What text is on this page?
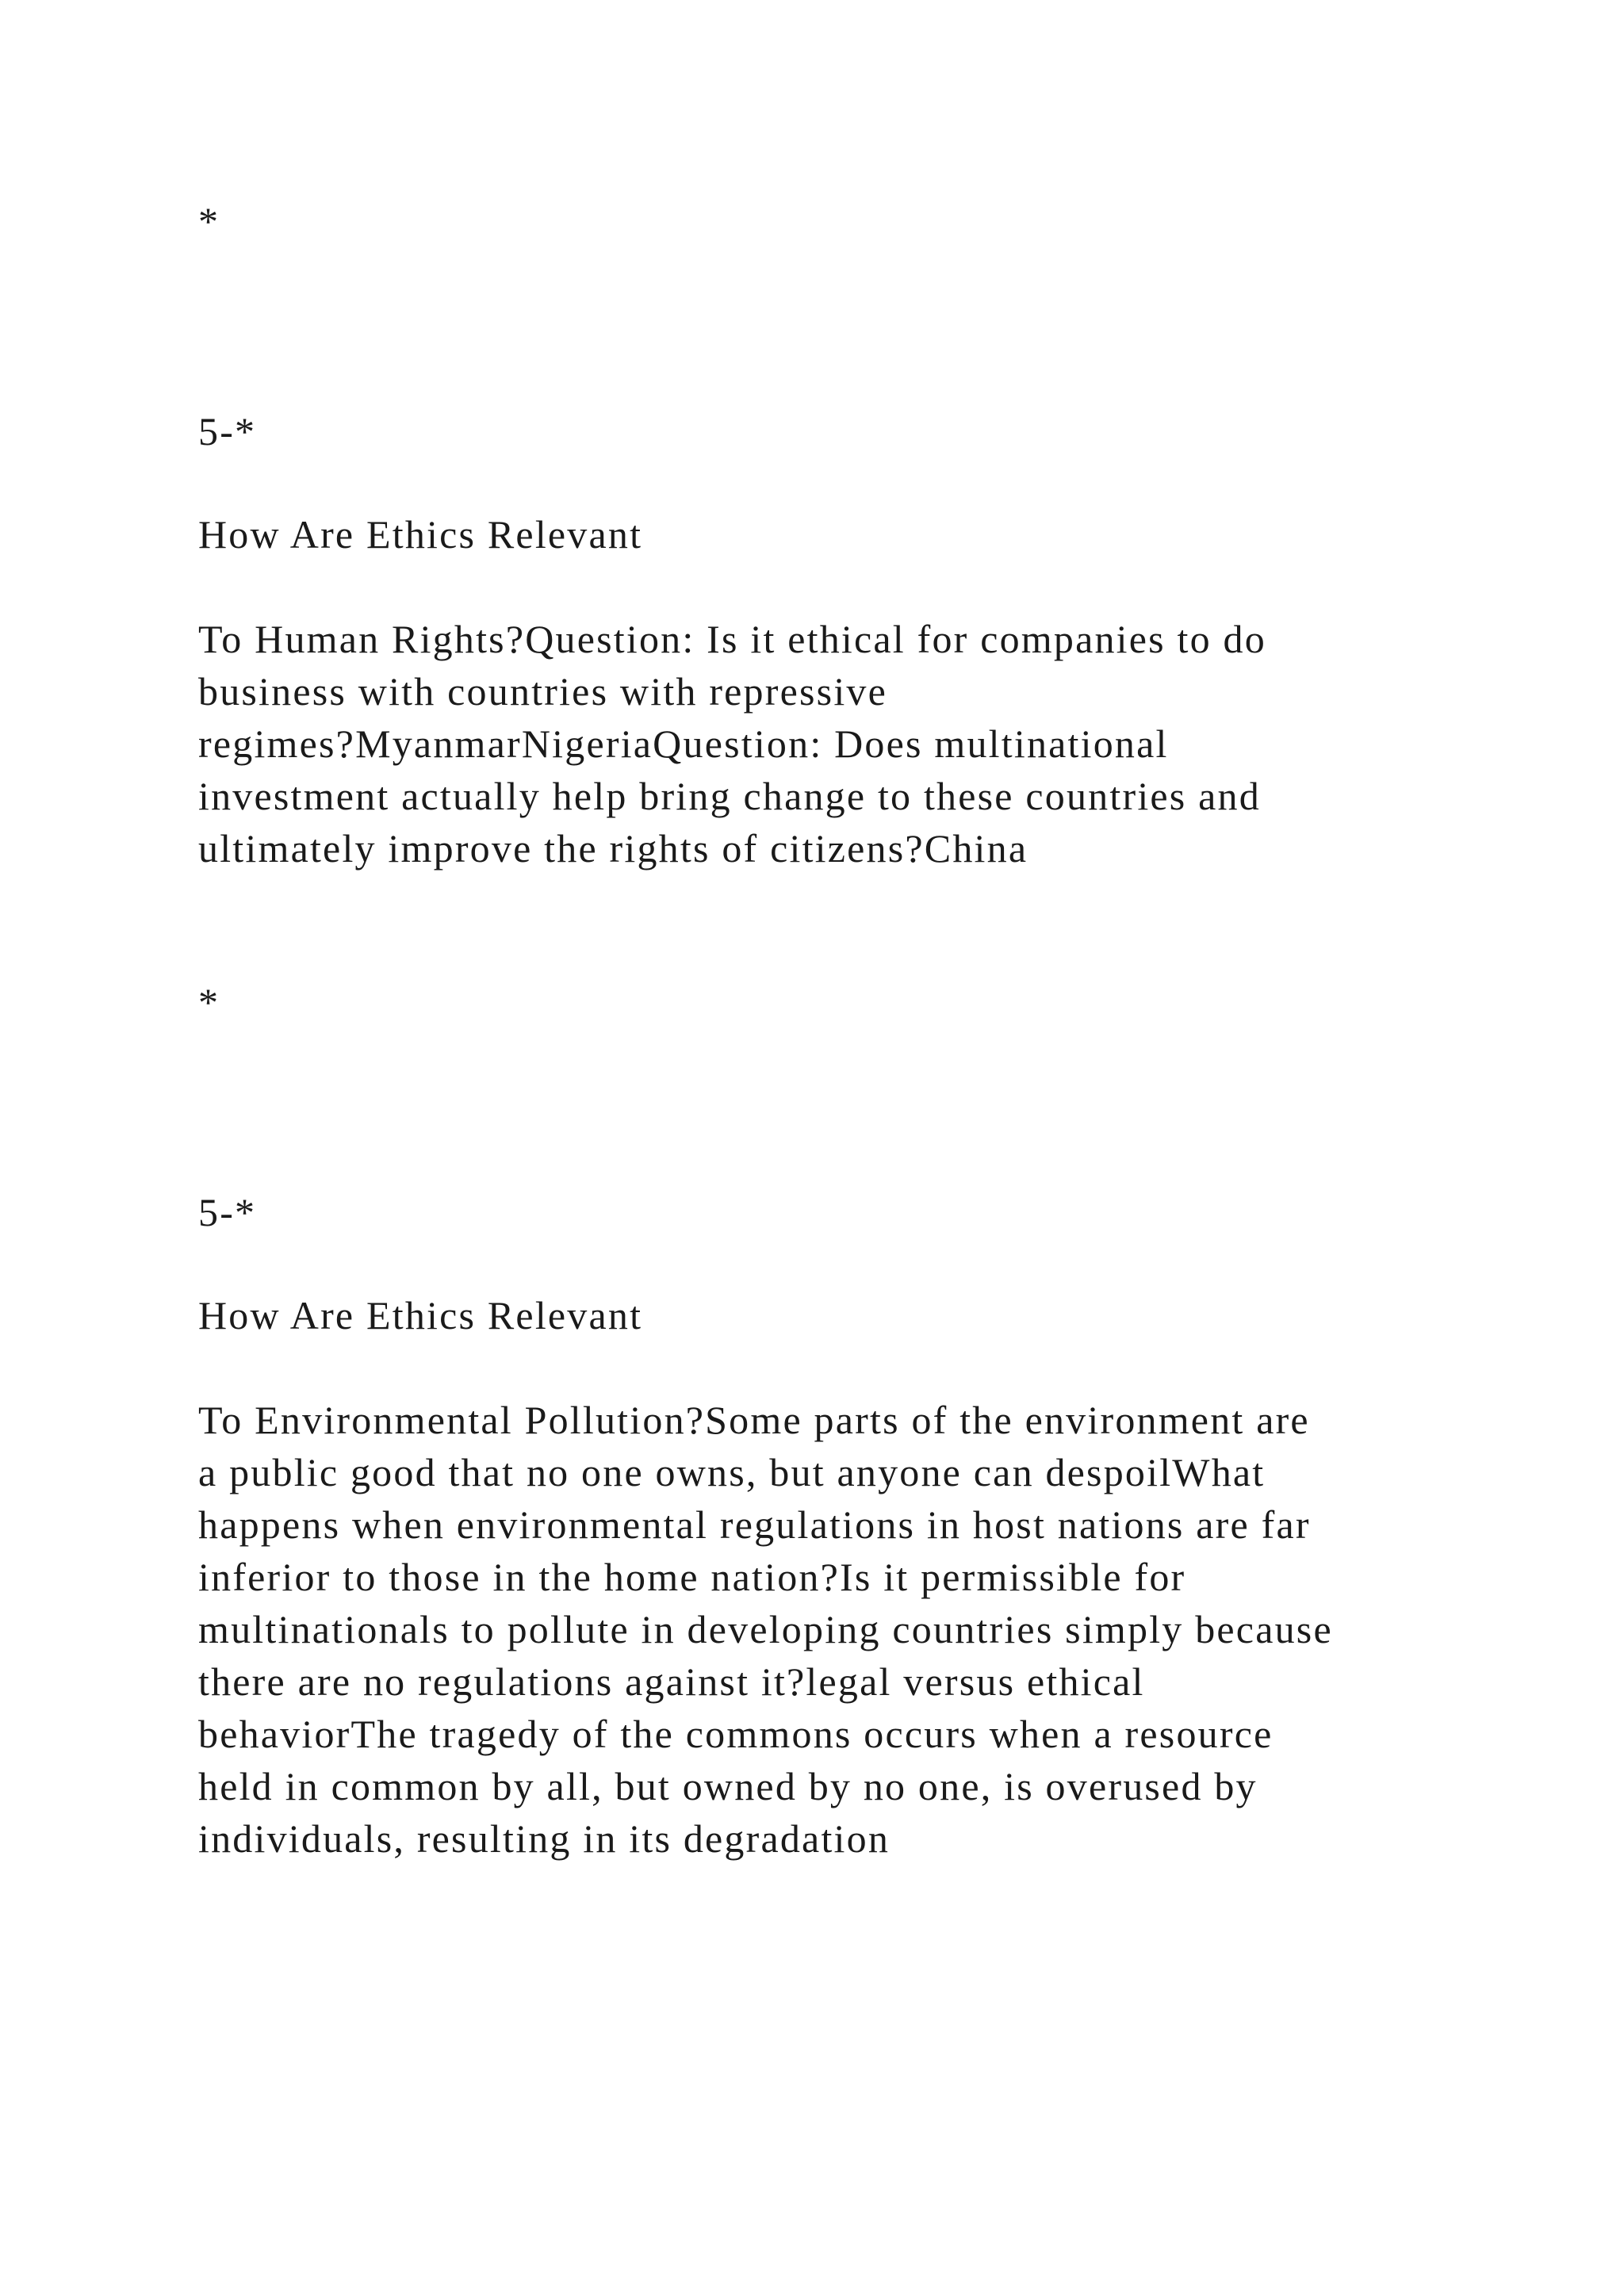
*

5-*

How Are Ethics Relevant

To Human Rights?Question: Is it ethical for companies to do
business with countries with repressive
regimes?MyanmarNigeriaQuestion: Does multinational
investment actually help bring change to these countries and
ultimately improve the rights of citizens?China

*

5-*

How Are Ethics Relevant

To Environmental Pollution?Some parts of the environment are
a public good that no one owns, but anyone can despoilWhat
happens when environmental regulations in host nations are far
inferior to those in the home nation?Is it permissible for
multinationals to pollute in developing countries simply because
there are no regulations against it?legal versus ethical
behaviorThe tragedy of the commons occurs when a resource
held in common by all, but owned by no one, is overused by
individuals, resulting in its degradation
